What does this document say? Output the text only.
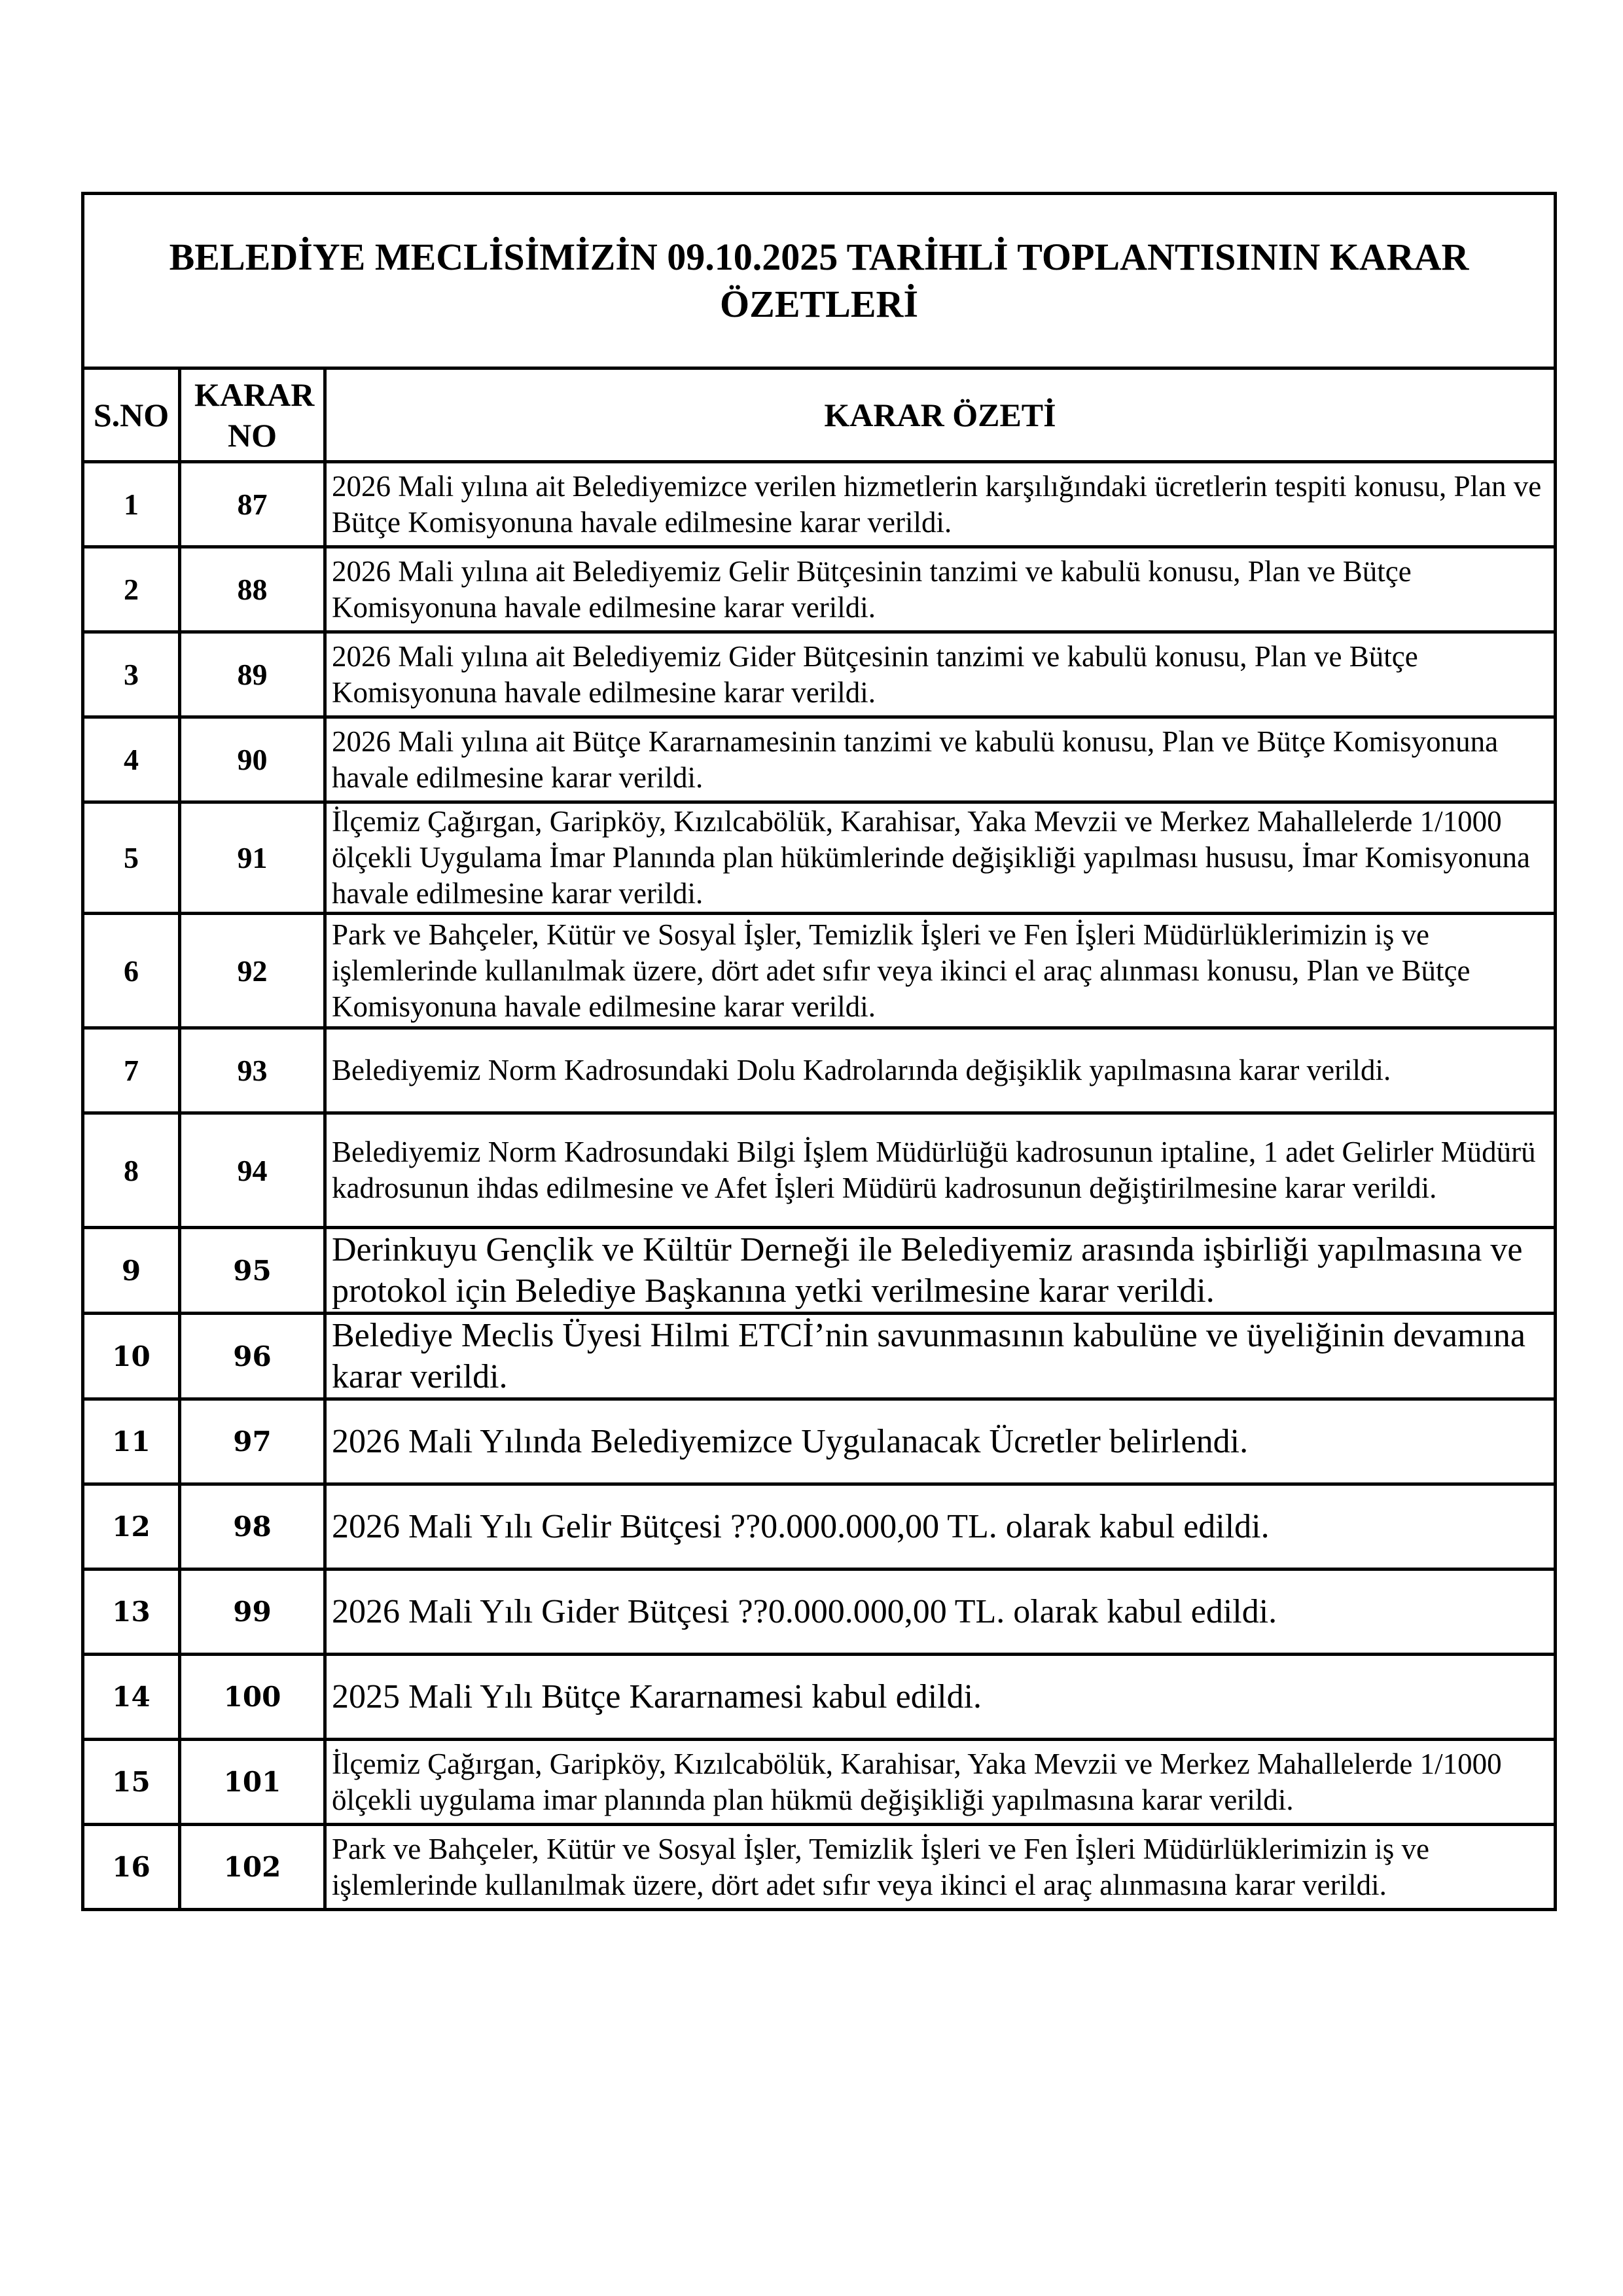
BELEDİYE MECLİSİMİZİN 09.10.2025 TARİHLİ TOPLANTISININ KARAR ÖZETLERİ		
S.NO	KARAR NO	KARAR ÖZETİ
1	87	2026 Mali yılına ait Belediyemizce verilen hizmetlerin karşılığındaki ücretlerin tespiti konusu, Plan ve Bütçe Komisyonuna havale edilmesine karar verildi.
2	88	2026 Mali yılına ait Belediyemiz Gelir Bütçesinin tanzimi ve kabulü konusu, Plan ve Bütçe Komisyonuna havale edilmesine karar verildi.
3	89	2026 Mali yılına ait Belediyemiz Gider Bütçesinin tanzimi ve kabulü konusu, Plan ve Bütçe Komisyonuna havale edilmesine karar verildi.
4	90	2026 Mali yılına ait Bütçe Kararnamesinin tanzimi ve kabulü konusu, Plan ve Bütçe Komisyonuna havale edilmesine karar verildi.
5	91	İlçemiz Çağırgan, Garipköy, Kızılcabölük, Karahisar, Yaka Mevzii ve Merkez Mahallelerde 1/1000 ölçekli Uygulama İmar Planında plan hükümlerinde değişikliği yapılması hususu, İmar Komisyonuna havale edilmesine karar verildi.
6	92	Park ve Bahçeler, Kütür ve Sosyal İşler, Temizlik İşleri ve Fen İşleri Müdürlüklerimizin iş ve işlemlerinde kullanılmak üzere, dört adet sıfır veya ikinci el araç alınması konusu, Plan ve Bütçe Komisyonuna havale edilmesine karar verildi.
7	93	Belediyemiz Norm Kadrosundaki Dolu Kadrolarında değişiklik yapılmasına karar verildi.
8	94	Belediyemiz Norm Kadrosundaki Bilgi İşlem Müdürlüğü kadrosunun iptaline, 1 adet Gelirler Müdürü kadrosunun ihdas edilmesine ve Afet İşleri Müdürü kadrosunun değiştirilmesine karar verildi.
9	95	Derinkuyu Gençlik ve Kültür Derneği ile Belediyemiz arasında işbirliği yapılmasına ve protokol için Belediye Başkanına yetki verilmesine karar verildi.
10	96	Belediye Meclis Üyesi Hilmi ETCİ’nin savunmasının kabulüne ve üyeliğinin devamına karar verildi.
11	97	2026 Mali Yılında Belediyemizce Uygulanacak Ücretler belirlendi.
12	98	2026 Mali Yılı Gelir Bütçesi ??0.000.000,00 TL. olarak kabul edildi.
13	99	2026 Mali Yılı Gider Bütçesi ??0.000.000,00 TL. olarak kabul edildi.
14	100	2025 Mali Yılı Bütçe Kararnamesi kabul edildi.
15	101	İlçemiz Çağırgan, Garipköy, Kızılcabölük, Karahisar, Yaka Mevzii ve Merkez Mahallelerde 1/1000 ölçekli uygulama imar planında plan hükmü değişikliği yapılmasına karar verildi.
16	102	Park ve Bahçeler, Kütür ve Sosyal İşler, Temizlik İşleri ve Fen İşleri Müdürlüklerimizin iş ve işlemlerinde kullanılmak üzere, dört adet sıfır veya ikinci el araç alınmasına karar verildi.
